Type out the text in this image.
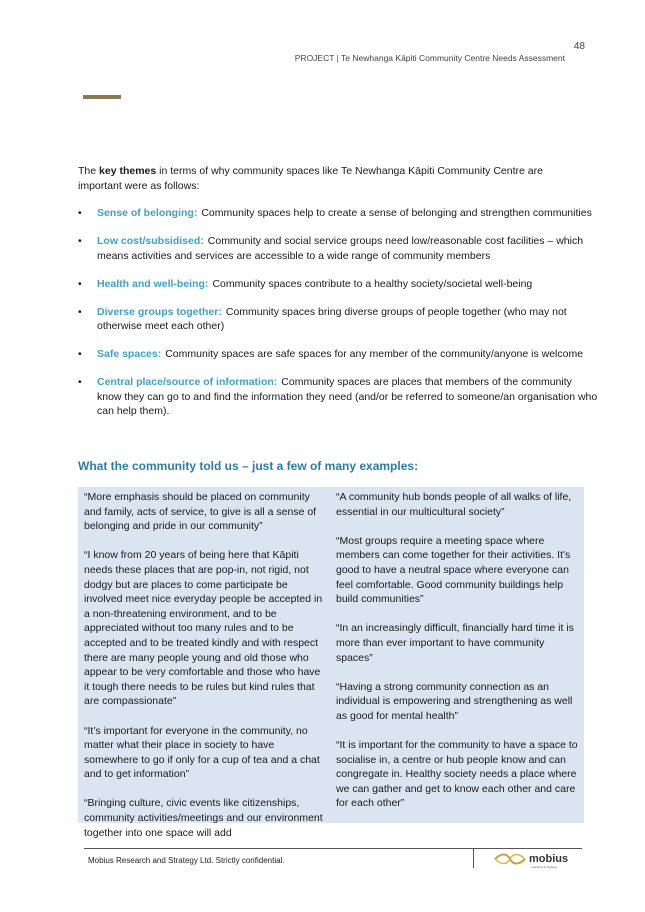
48
PROJECT | Te Newhanga Kāpiti Community Centre Needs Assessment
The key themes in terms of why community spaces like Te Newhanga Kāpiti Community Centre are important were as follows:
• Sense of belonging: Community spaces help to create a sense of belonging and strengthen communities
• Low cost/subsidised: Community and social service groups need low/reasonable cost facilities – which means activities and services are accessible to a wide range of community members
• Health and well-being: Community spaces contribute to a healthy society/societal well-being
• Diverse groups together: Community spaces bring diverse groups of people together (who may not otherwise meet each other)
• Safe spaces: Community spaces are safe spaces for any member of the community/anyone is welcome
• Central place/source of information: Community spaces are places that members of the community know they can go to and find the information they need (and/or be referred to someone/an organisation who can help them).
What the community told us – just a few of many examples:

“More emphasis should be placed on community and family, acts of service, to give is all a sense of belonging and pride in our community”

“I know from 20 years of being here that Kāpiti needs these places that are pop-in, not rigid, not dodgy but are places to come participate be involved meet nice everyday people be accepted in a non-threatening environment, and to be appreciated without too many rules and to be accepted and to be treated kindly and with respect there are many people young and old those who appear to be very comfortable and those who have it tough there needs to be rules but kind rules that are compassionate”

“It’s important for everyone in the community, no matter what their place in society to have somewhere to go if only for a cup of tea and a chat and to get information”

“Bringing culture, civic events like citizenships, community activities/meetings and our environment together into one space will add

“A community hub bonds people of all walks of life, essential in our multicultural society”

“Most groups require a meeting space where members can come together for their activities. It's good to have a neutral space where everyone can feel comfortable. Good community buildings help build communities”

“In an increasingly difficult, financially hard time it is more than ever important to have community spaces”

“Having a strong community connection as an individual is empowering and strengthening as well as good for mental health”

“It is important for the community to have a space to socialise in, a centre or hub people know and can congregate in. Healthy society needs a place where we can gather and get to know each other and care for each other”

Mobius Research and Strategy Ltd. Strictly confidential.	mobius
research & strategy
